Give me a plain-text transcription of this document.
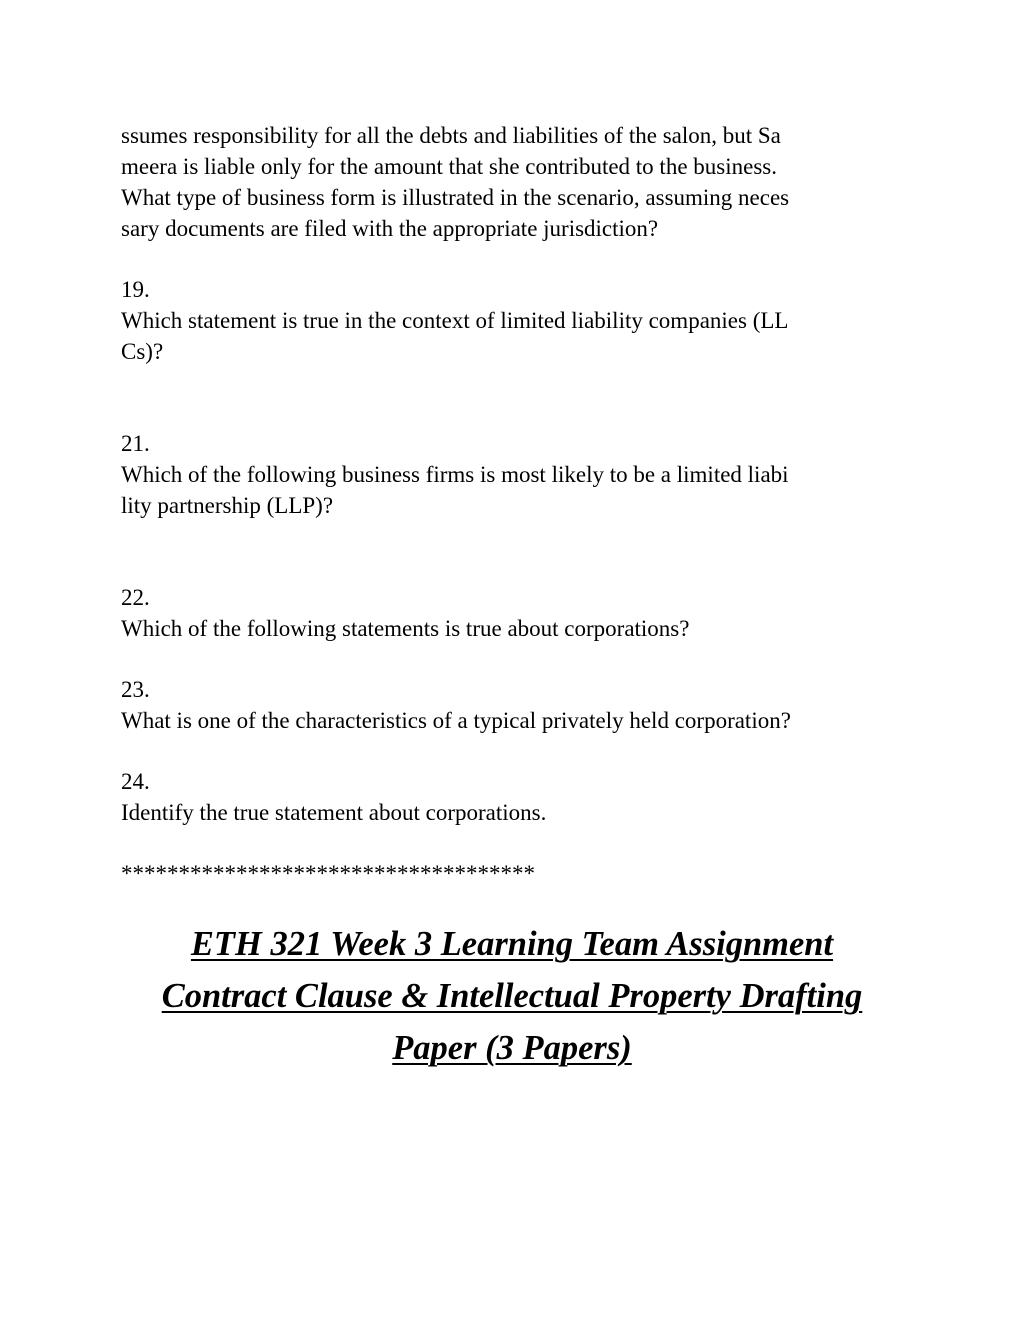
ssumes responsibility for all the debts and liabilities of the salon, but Sa

meera is liable only for the amount that she contributed to the business.

What type of business form is illustrated in the scenario, assuming neces

sary documents are filed with the appropriate jurisdiction?

19.

Which statement is true in the context of limited liability companies (LL

Cs)?

21.

Which of the following business firms is most likely to be a limited liabi

lity partnership (LLP)?

22.

Which of the following statements is true about corporations?

23.

What is one of the characteristics of a typical privately held corporation?

24.

Identify the true statement about corporations.

************************************

ETH 321 Week 3 Learning Team Assignment

Contract Clause & Intellectual Property Drafting

Paper (3 Papers)
